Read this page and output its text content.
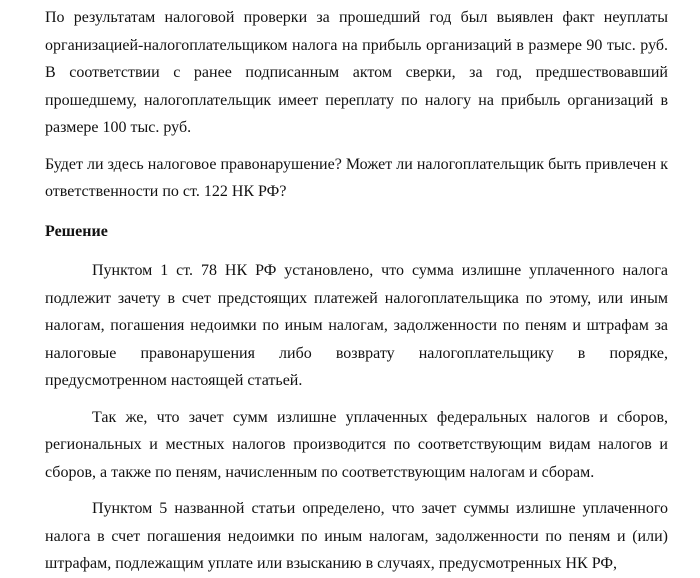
По результатам налоговой проверки за прошедший год был выявлен факт неуплаты организацией-налогоплательщиком налога на прибыль организаций в размере 90 тыс. руб. В соответствии с ранее подписанным актом сверки, за год, предшествовавший прошедшему, налогоплательщик имеет переплату по налогу на прибыль организаций в размере 100 тыс. руб.

Будет ли здесь налоговое правонарушение? Может ли налогоплательщик быть привлечен к ответственности по ст. 122 НК РФ?

Решение

Пунктом 1 ст. 78 НК РФ установлено, что сумма излишне уплаченного налога подлежит зачету в счет предстоящих платежей налогоплательщика по этому, или иным налогам, погашения недоимки по иным налогам, задолженности по пеням и штрафам за налоговые правонарушения либо возврату налогоплательщику в порядке, предусмотренном настоящей статьей.

Так же, что зачет сумм излишне уплаченных федеральных налогов и сборов, региональных и местных налогов производится по соответствующим видам налогов и сборов, а также по пеням, начисленным по соответствующим налогам и сборам.

Пунктом 5 названной статьи определено, что зачет суммы излишне уплаченного налога в счет погашения недоимки по иным налогам, задолженности по пеням и (или) штрафам, подлежащим уплате или взысканию в случаях, предусмотренных НК РФ,
